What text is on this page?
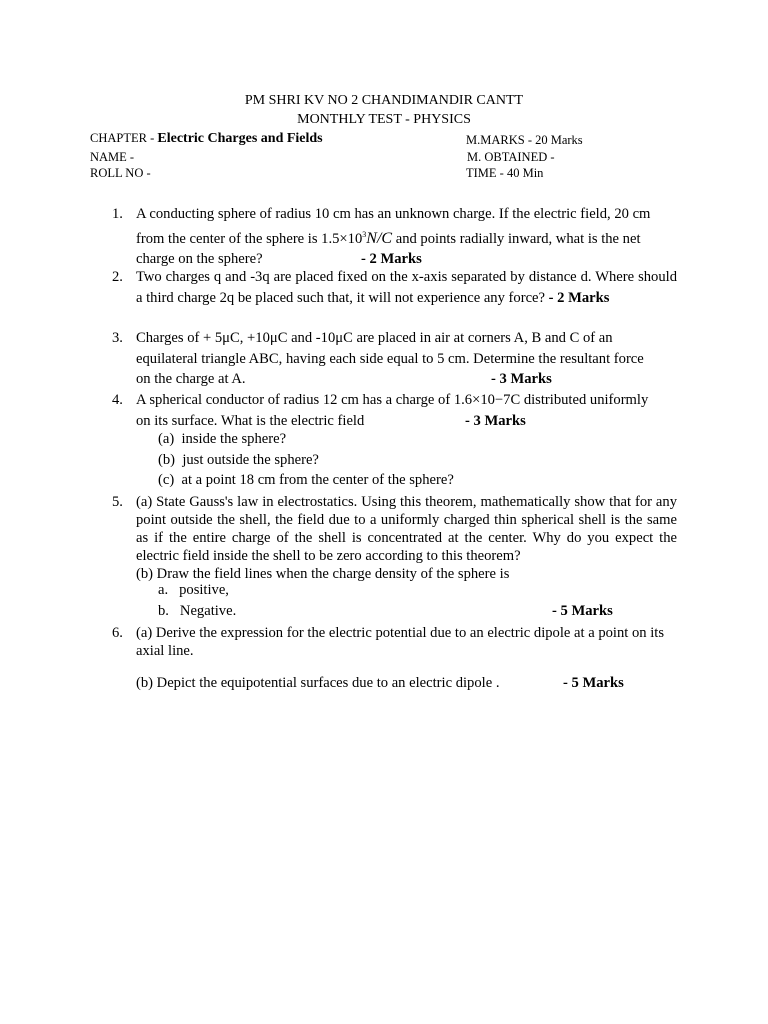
PM SHRI KV NO 2 CHANDIMANDIR CANTT
MONTHLY TEST - PHYSICS
CHAPTER - Electric Charges and Fields	M.MARKS - 20 Marks
NAME -	M. OBTAINED -
ROLL NO -	TIME - 40 Min
1. A conducting sphere of radius 10 cm has an unknown charge. If the electric field, 20 cm
from the center of the sphere is $1.5\times 10^3N/C$ and points radially inward, what is the net
charge on the sphere?	- 2 Marks
2. Two charges q and -3q are placed fixed on the x-axis separated by distance d. Where should a third charge 2q be placed such that, it will not experience any force? - 2 Marks
3. Charges of + 5μC, +10μC and -10μC are placed in air at corners A, B and C of an
equilateral triangle ABC, having each side equal to 5 cm. Determine the resultant force
on the charge at A.	- 3 Marks
4. A spherical conductor of radius 12 cm has a charge of 1.6×10−7C distributed uniformly
on its surface. What is the electric field	- 3 Marks
(a) inside the sphere?
(b) just outside the sphere?
(c) at a point 18 cm from the center of the sphere?
5. (a) State Gauss's law in electrostatics. Using this theorem, mathematically show that for any point outside the shell, the field due to a uniformly charged thin spherical shell is the same as if the entire charge of the shell is concentrated at the center. Why do you expect the electric field inside the shell to be zero according to this theorem?
(b) Draw the field lines when the charge density of the sphere is
a. positive,
b. Negative.	- 5 Marks
6. (a) Derive the expression for the electric potential due to an electric dipole at a point on its axial line.
(b) Depict the equipotential surfaces due to an electric dipole .	- 5 Marks
